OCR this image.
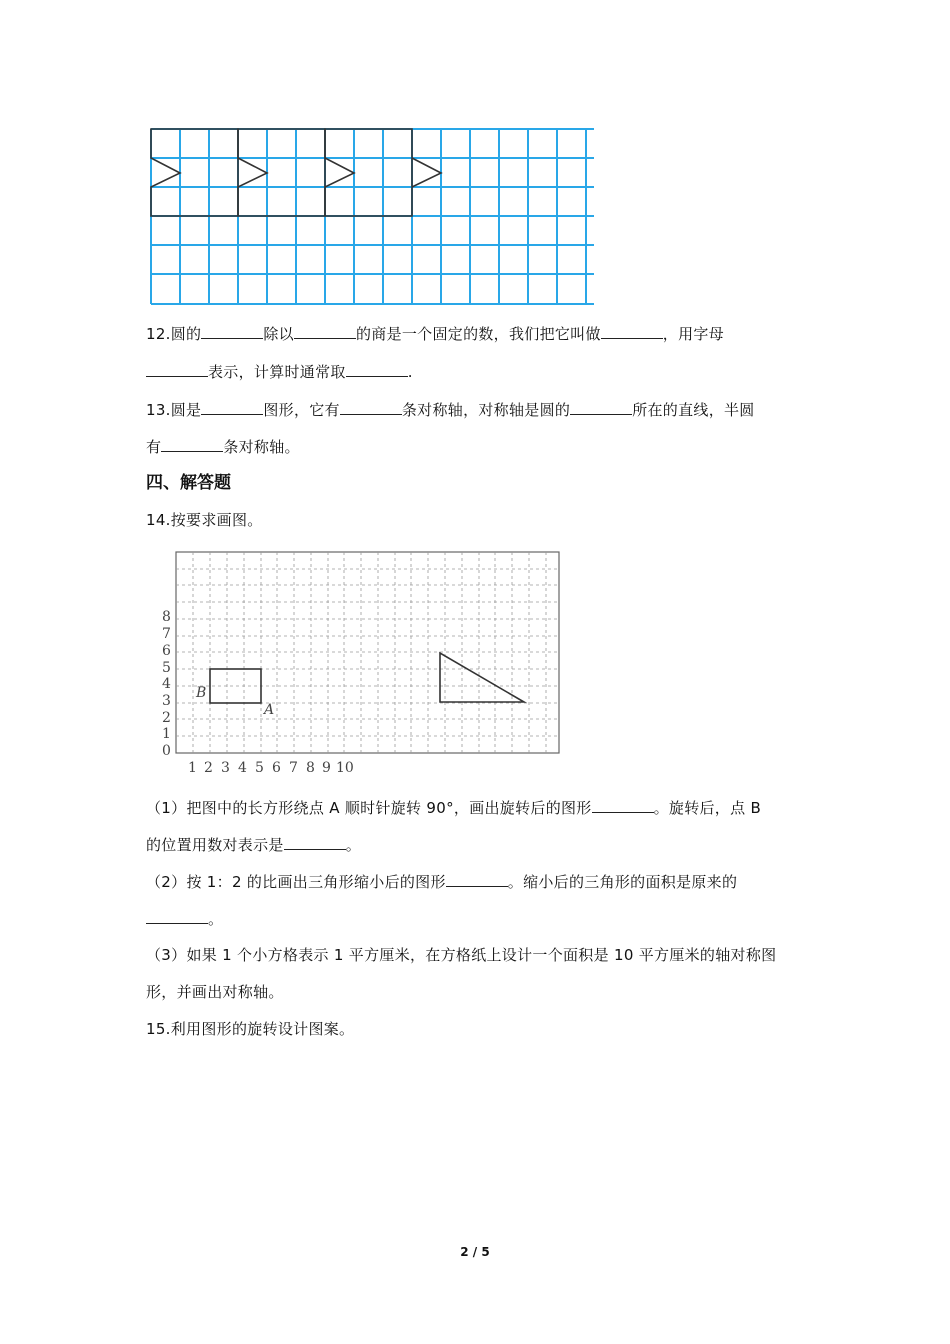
12.圆的	除以	的商是一个固定的数，我们把它叫做	，用字母
表示，计算时通常取	.
13.圆是	图形，它有	条对称轴，对称轴是圆的	所在的直线，半圆
有	条对称轴。
四、解答题
14.按要求画图。
0
1
2
3
4
5
6
7
8
1 2 3 4 5 6 7 8 9 10
B
A
（1）把图中的长方形绕点 A 顺时针旋转 90°，画出旋转后的图形	。旋转后，点 B
的位置用数对表示是	。
（2）按 1：2 的比画出三角形缩小后的图形	。缩小后的三角形的面积是原来的
。
（3）如果 1 个小方格表示 1 平方厘米，在方格纸上设计一个面积是 10 平方厘米的轴对称图
形，并画出对称轴。
15.利用图形的旋转设计图案。
2 / 5
